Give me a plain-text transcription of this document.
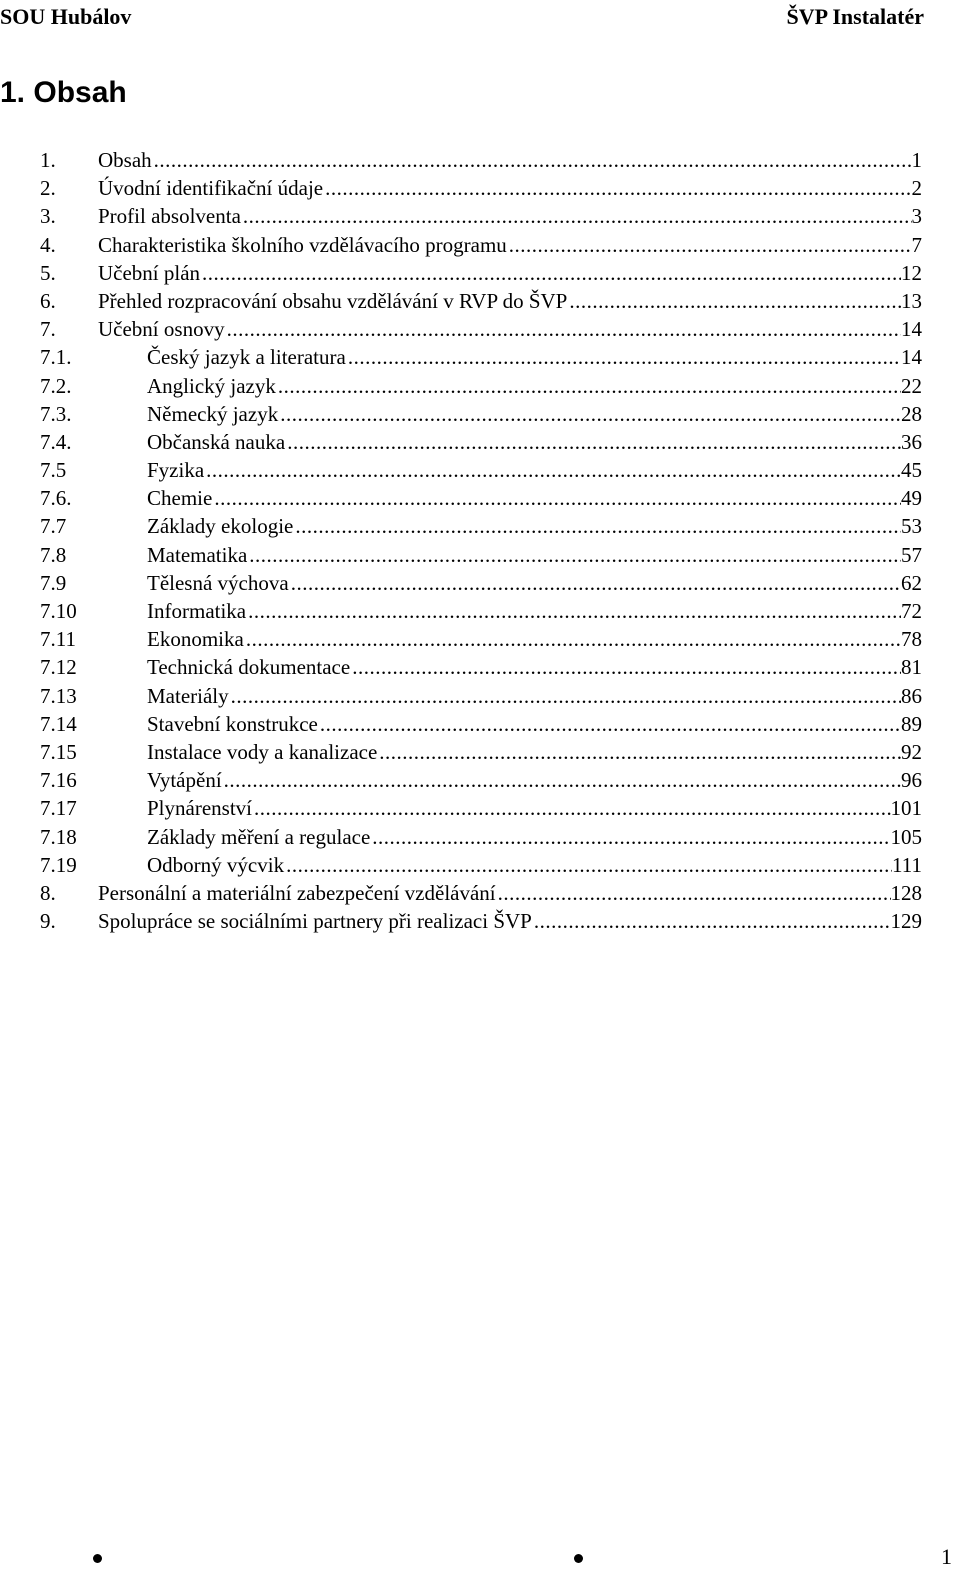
SOU Hubálov	ŠVP Instalatér
1. Obsah
1.	Obsah .....	1
2.	Úvodní identifikační údaje .....	2
3.	Profil absolventa .....	3
4.	Charakteristika školního vzdělávacího programu .....	7
5.	Učební plán .....	12
6.	Přehled rozpracování obsahu vzdělávání v RVP do ŠVP .....	13
7.	Učební osnovy .....	14
7.1.	Český jazyk a literatura .....	14
7.2.	Anglický jazyk .....	22
7.3.	Německý jazyk .....	28
7.4.	Občanská nauka .....	36
7.5	Fyzika .....	45
7.6.	Chemie .....	49
7.7	Základy ekologie .....	53
7.8	Matematika .....	57
7.9	Tělesná výchova .....	62
7.10	Informatika .....	72
7.11	Ekonomika .....	78
7.12	Technická dokumentace .....	81
7.13	Materiály .....	86
7.14	Stavební konstrukce .....	89
7.15	Instalace vody a kanalizace .....	92
7.16	Vytápění .....	96
7.17	Plynárenství .....	101
7.18	Základy měření a regulace .....	105
7.19	Odborný výcvik .....	111
8.	Personální a materiální zabezpečení vzdělávání .....	128
9.	Spolupráce se sociálními partnery při realizaci ŠVP .....	129
1
